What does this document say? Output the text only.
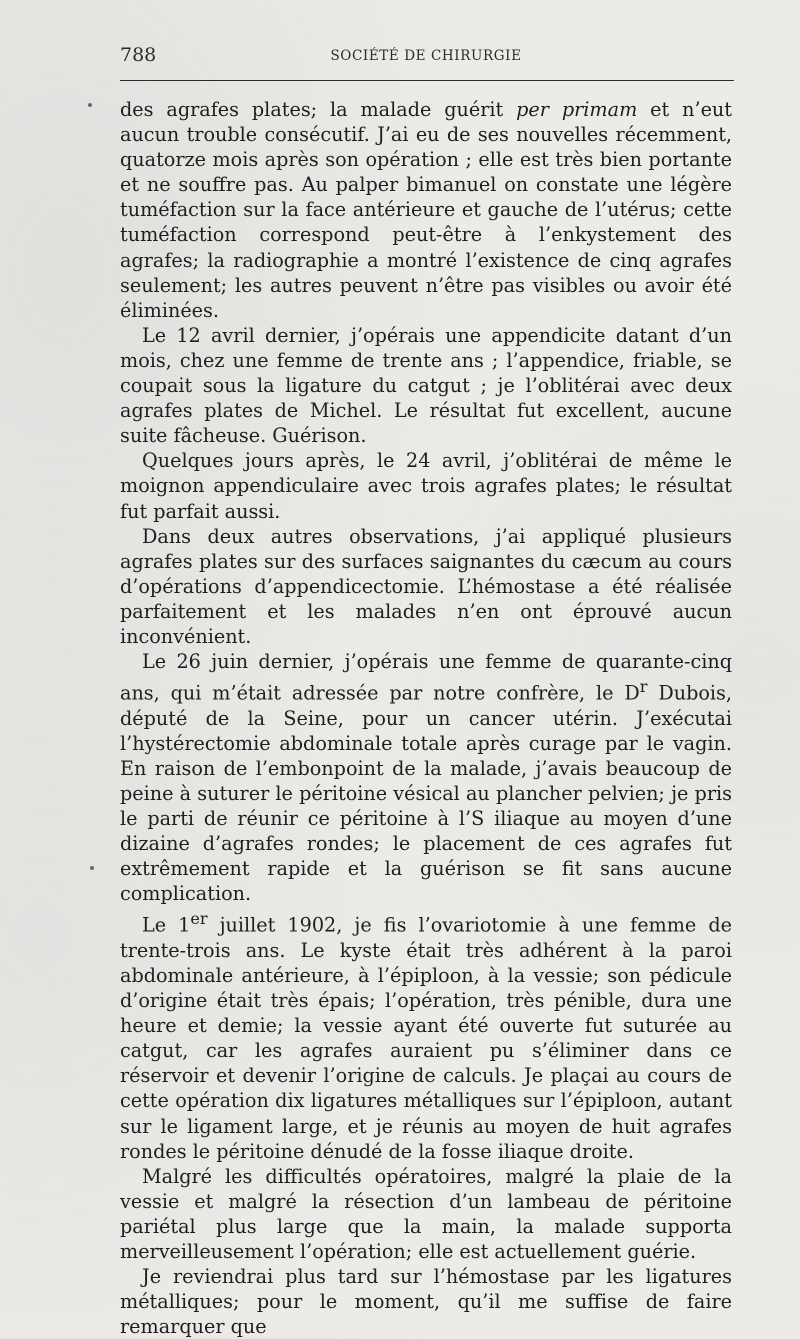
788	SOCIÉTÉ DE CHIRURGIE

des agrafes plates; la malade guérit per primam et n’eut aucun trouble consécutif. J’ai eu de ses nouvelles récemment, quatorze mois après son opération ; elle est très bien portante et ne souffre pas. Au palper bimanuel on constate une légère tuméfaction sur la face antérieure et gauche de l’utérus; cette tuméfaction correspond peut-être à l’enkystement des agrafes; la radiographie a montré l’existence de cinq agrafes seulement; les autres peuvent n’être pas visibles ou avoir été éliminées.

Le 12 avril dernier, j’opérais une appendicite datant d’un mois, chez une femme de trente ans ; l’appendice, friable, se coupait sous la ligature du catgut ; je l’oblitérai avec deux agrafes plates de Michel. Le résultat fut excellent, aucune suite fâcheuse. Guérison.

Quelques jours après, le 24 avril, j’oblitérai de même le moignon appendiculaire avec trois agrafes plates; le résultat fut parfait aussi.

Dans deux autres observations, j’ai appliqué plusieurs agrafes plates sur des surfaces saignantes du cæcum au cours d’opérations d’appendicectomie. L’hémostase a été réalisée parfaitement et les malades n’en ont éprouvé aucun inconvénient.

Le 26 juin dernier, j’opérais une femme de quarante-cinq ans, qui m’était adressée par notre confrère, le $D^r$ Dubois, député de la Seine, pour un cancer utérin. J’exécutai l’hystérectomie abdominale totale après curage par le vagin. En raison de l’embonpoint de la malade, j’avais beaucoup de peine à suturer le péritoine vésical au plancher pelvien; je pris le parti de réunir ce péritoine à l’S iliaque au moyen d’une dizaine d’agrafes rondes; le placement de ces agrafes fut extrêmement rapide et la guérison se fit sans aucune complication.

Le 1er juillet 1902, je fis l’ovariotomie à une femme de trente-trois ans. Le kyste était très adhérent à la paroi abdominale antérieure, à l’épiploon, à la vessie; son pédicule d’origine était très épais; l’opération, très pénible, dura une heure et demie; la vessie ayant été ouverte fut suturée au catgut, car les agrafes auraient pu s’éliminer dans ce réservoir et devenir l’origine de calculs. Je plaçai au cours de cette opération dix ligatures métalliques sur l’épiploon, autant sur le ligament large, et je réunis au moyen de huit agrafes rondes le péritoine dénudé de la fosse iliaque droite.

Malgré les difficultés opératoires, malgré la plaie de la vessie et malgré la résection d’un lambeau de péritoine pariétal plus large que la main, la malade supporta merveilleusement l’opération; elle est actuellement guérie.

Je reviendrai plus tard sur l’hémostase par les ligatures métalliques; pour le moment, qu’il me suffise de faire remarquer que
